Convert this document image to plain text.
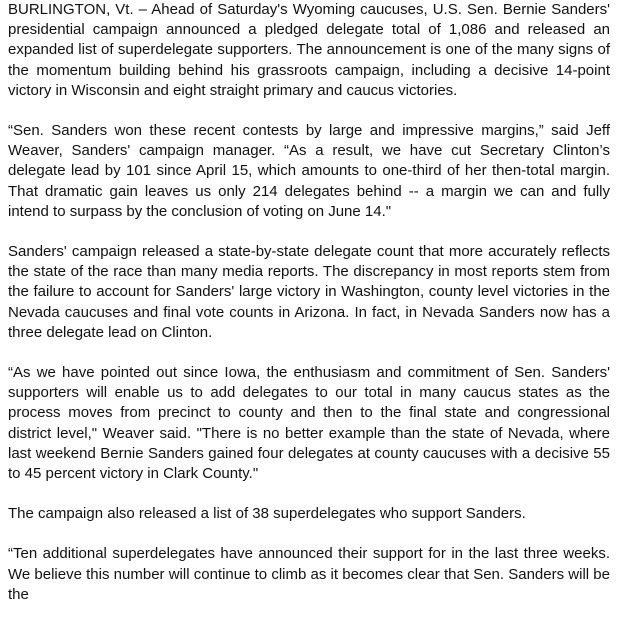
BURLINGTON, Vt. – Ahead of Saturday's Wyoming caucuses, U.S. Sen. Bernie Sanders' presidential campaign announced a pledged delegate total of 1,086 and released an expanded list of superdelegate supporters. The announcement is one of the many signs of the momentum building behind his grassroots campaign, including a decisive 14-point victory in Wisconsin and eight straight primary and caucus victories.

“Sen. Sanders won these recent contests by large and impressive margins,” said Jeff Weaver, Sanders' campaign manager. “As a result, we have cut Secretary Clinton’s delegate lead by 101 since April 15, which amounts to one-third of her then-total margin. That dramatic gain leaves us only 214 delegates behind -- a margin we can and fully intend to surpass by the conclusion of voting on June 14."

Sanders' campaign released a state-by-state delegate count that more accurately reflects the state of the race than many media reports. The discrepancy in most reports stem from the failure to account for Sanders' large victory in Washington, county level victories in the Nevada caucuses and final vote counts in Arizona. In fact, in Nevada Sanders now has a three delegate lead on Clinton.

“As we have pointed out since Iowa, the enthusiasm and commitment of Sen. Sanders' supporters will enable us to add delegates to our total in many caucus states as the process moves from precinct to county and then to the final state and congressional district level," Weaver said. "There is no better example than the state of Nevada, where last weekend Bernie Sanders gained four delegates at county caucuses with a decisive 55 to 45 percent victory in Clark County."

The campaign also released a list of 38 superdelegates who support Sanders.

“Ten additional superdelegates have announced their support for in the last three weeks. We believe this number will continue to climb as it becomes clear that Sen. Sanders will be the
